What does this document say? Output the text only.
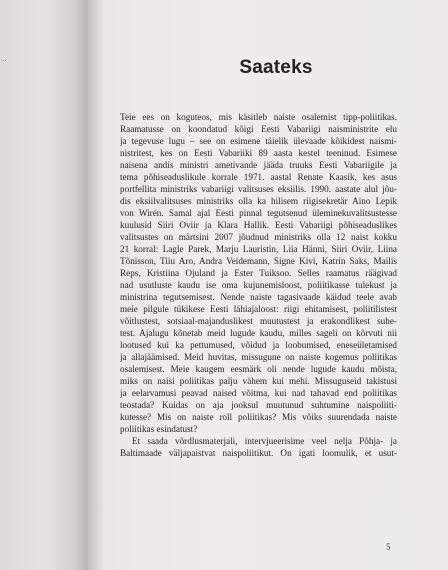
..	Saateks
Teie ees on koguteos, mis käsitleb naiste osalemist tipp-poliitikas.
Raamatusse on koondatud kõigi Eesti Vabariigi naisministrite elu
ja tegevuse lugu – see on esimene täielik ülevaade kõikidest naismi-
nistritest, kes on Eesti Vabariiki 89 aasta kestel teeninud. Esimese
naisena andis ministri ametivande jääda truuks Eesti Vabariigile ja
tema põhiseaduslikule korrale 1971. aastal Renate Kaasik, kes asus
portfellita ministriks vabariigi valitsuses eksiilis. 1990. aastate alul jõu-
dis eksiilvalitsuses ministriks olla ka hilisem riigisekretär Aino Lepik
von Wirén. Samal ajal Eesti pinnal tegutsenud üleminekuvalitsustesse
kuulusid Siiri Oviir ja Klara Hallik. Eesti Vabariigi põhiseaduslikes
valitsustes on märtsini 2007 jõudnud ministriks olla 12 naist kokku
21 korral: Lagle Parek, Marju Lauristin, Liia Hänni, Siiri Oviir, Liina
Tõnisson, Tiiu Aro, Andra Veidemann, Signe Kivi, Katrin Saks, Mailis
Reps, Kristiina Ojuland ja Ester Tuiksoo. Selles raamatus räägivad
nad usutluste kaudu ise oma kujunemisloost, poliitikasse tulekust ja
ministrina tegutsemisest. Nende naiste tagasivaade käidud teele avab
meie pilgule tükikese Eesti lähiajaloost: riigi ehitamisest, poliitilistest
võitlustest, sotsiaal-majanduslikest muutustest ja erakondlikest suhe-
test. Ajalugu kõnetab meid lugude kaudu, milles sageli on kõrvuti nii
lootused kui ka pettumused, võidud ja loobumised, eneseületamised
ja allajäämised. Meid huvitas, missugune on naiste kogemus poliitikas
osalemisest. Meie kaugem eesmärk oli nende lugude kaudu mõista,
miks on naisi poliitikas palju vähem kui mehi. Missuguseid takistusi
ja eelarvamusi peavad naised võitma, kui nad tahavad end poliitikas
teostada? Kuidas on aja jooksul muutunud suhtumine naispoliiti-
kutesse? Mis on naiste roll poliitikas? Mis võiks suurendada naiste
poliitikas esindatust?
Et saada võrdlusmaterjali, intervjueerisime veel nelja Põhja- ja
Baltimaade väljapaistvat naispoliitikut. On igati loomulik, et usut-
5
